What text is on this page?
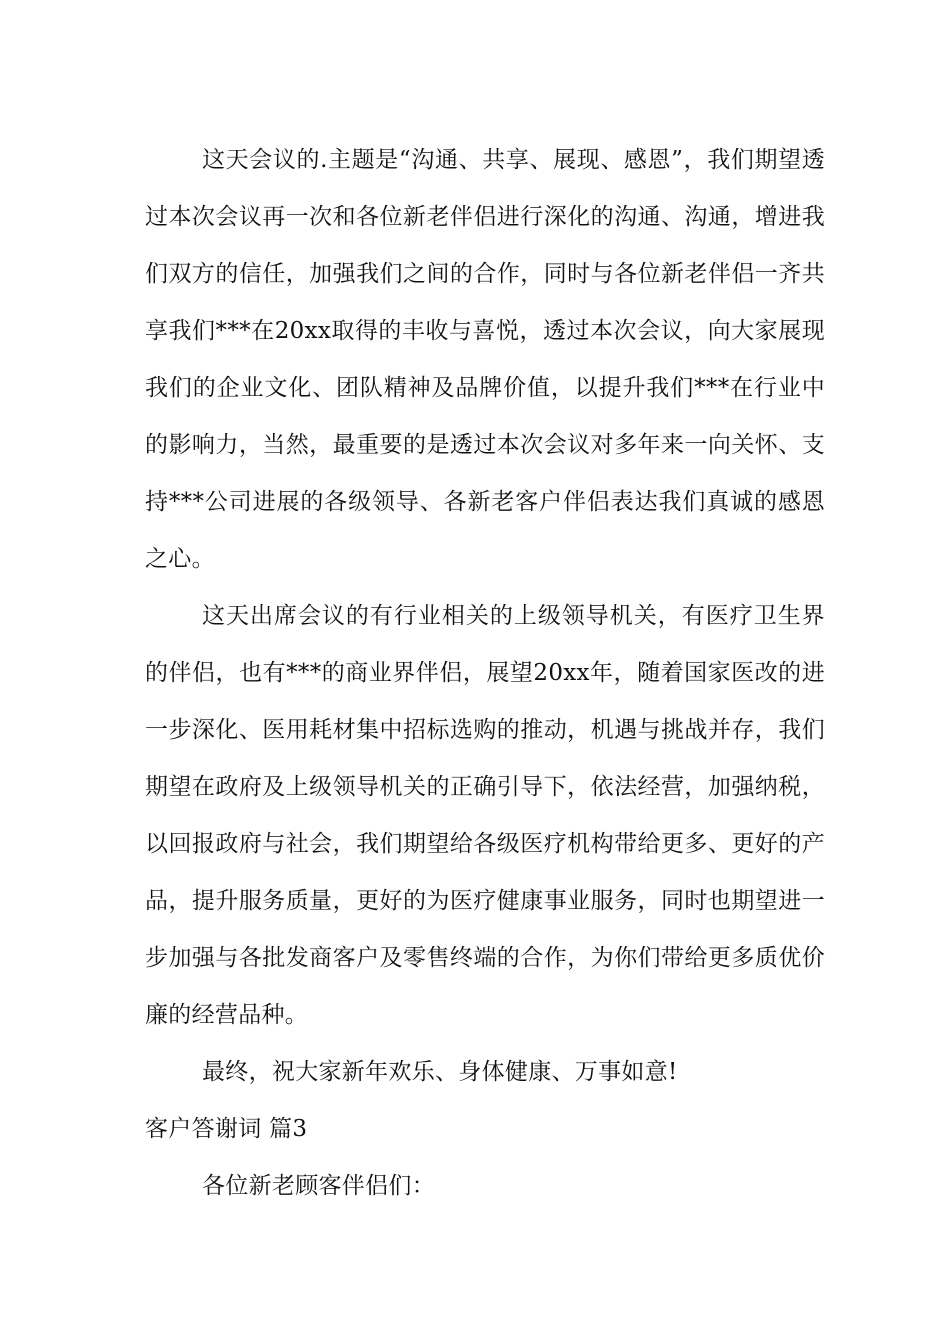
这天会议的.主题是“沟通、共享、展现、感恩”，我们期望透过本次会议再一次和各位新老伴侣进行深化的沟通、沟通，增进我们双方的信任，加强我们之间的合作，同时与各位新老伴侣一齐共享我们***在20xx取得的丰收与喜悦，透过本次会议，向大家展现我们的企业文化、团队精神及品牌价值，以提升我们***在行业中的影响力，当然，最重要的是透过本次会议对多年来一向关怀、支持***公司进展的各级领导、各新老客户伴侣表达我们真诚的感恩之心。

这天出席会议的有行业相关的上级领导机关，有医疗卫生界的伴侣，也有***的商业界伴侣，展望20xx年，随着国家医改的进一步深化、医用耗材集中招标选购的推动，机遇与挑战并存，我们期望在政府及上级领导机关的正确引导下，依法经营，加强纳税，以回报政府与社会，我们期望给各级医疗机构带给更多、更好的产品，提升服务质量，更好的为医疗健康事业服务，同时也期望进一步加强与各批发商客户及零售终端的合作，为你们带给更多质优价廉的经营品种。

最终，祝大家新年欢乐、身体健康、万事如意!

客户答谢词 篇3

各位新老顾客伴侣们：
